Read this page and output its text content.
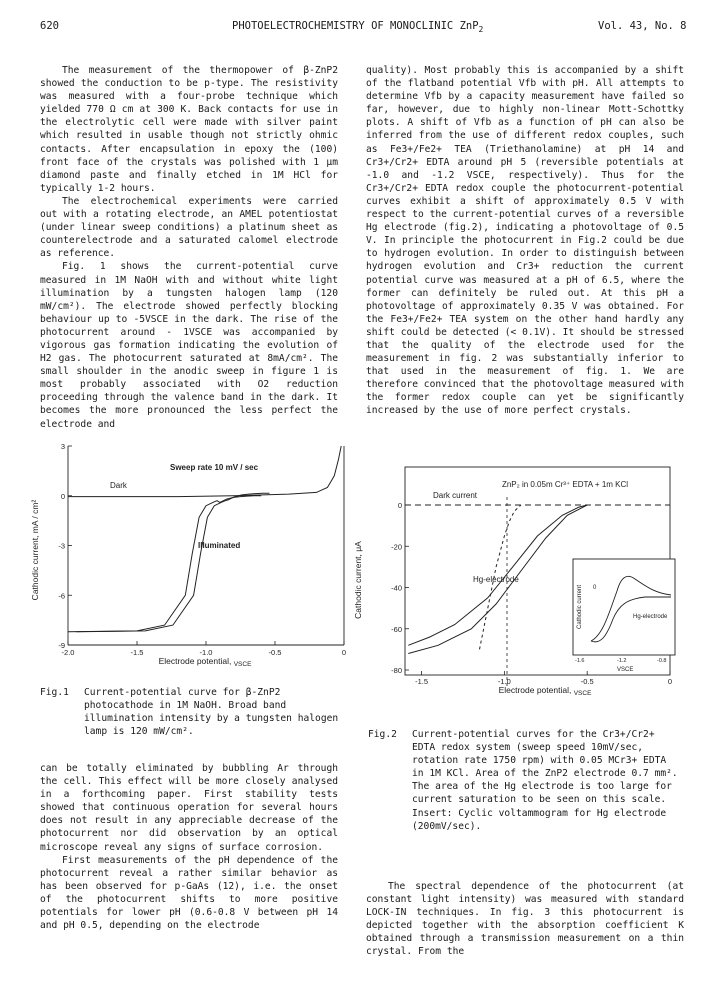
620	PHOTOELECTROCHEMISTRY OF MONOCLINIC ZnP$_2$	Vol. 43, No. 8

The measurement of the thermopower of β-ZnP2 showed the conduction to be p-type. The resistivity was measured with a four-probe technique which yielded 770 Ω cm at 300 K. Back contacts for use in the electrolytic cell were made with silver paint which resulted in usable though not strictly ohmic contacts. After encapsulation in epoxy the (100) front face of the crystals was polished with 1 μm diamond paste and finally etched in 1M HCl for typically 1-2 hours.

The electrochemical experiments were carried out with a rotating electrode, an AMEL potentiostat (under linear sweep conditions) a platinum sheet as counterelectrode and a saturated calomel electrode as reference.

Fig. 1 shows the current-potential curve measured in 1M NaOH with and without white light illumination by a tungsten halogen lamp (120 mW/cm²). The electrode showed perfectly blocking behaviour up to -5VSCE in the dark. The rise of the photocurrent around - 1VSCE was accompanied by vigorous gas formation indicating the evolution of H2 gas. The photocurrent saturated at 8mA/cm². The small shoulder in the anodic sweep in figure 1 is most probably associated with O2 reduction proceeding through the valence band in the dark. It becomes the more pronounced the less perfect the electrode and

quality). Most probably this is accompanied by a shift of the flatband potential Vfb with pH. All attempts to determine Vfb by a capacity measurement have failed so far, however, due to highly non-linear Mott-Schottky plots. A shift of Vfb as a function of pH can also be inferred from the use of different redox couples, such as Fe3+/Fe2+ TEA (Triethanolamine) at pH 14 and Cr3+/Cr2+ EDTA around pH 5 (reversible potentials at -1.0 and -1.2 VSCE, respectively). Thus for the Cr3+/Cr2+ EDTA redox couple the photocurrent-potential curves exhibit a shift of approximately 0.5 V with respect to the current-potential curves of a reversible Hg electrode (fig.2), indicating a photovoltage of 0.5 V. In principle the photocurrent in Fig.2 could be due to hydrogen evolution. In order to distinguish between hydrogen evolution and Cr3+ reduction the current potential curve was measured at a pH of 6.5, where the former can definitely be ruled out. At this pH a photovoltage of approximately 0.35 V was obtained. For the Fe3+/Fe2+ TEA system on the other hand hardly any shift could be detected (< 0.1V). It should be stressed that the quality of the electrode used for the measurement in fig. 2 was substantially inferior to that used in the measurement of fig. 1. We are therefore convinced that the photovoltage measured with the former redox couple can yet be significantly increased by the use of more perfect crystals.

Cathodic current, mA / cm²
3
0
-3
-6
-9
-2.0	-1.5	-1.0	-0.5	0
Sweep rate 10 mV / sec
Dark
Illuminated
Electrode potential, $_{VSCE}$
Fig.1 Current-potential curve for β-ZnP2 photocathode in 1M NaOH. Broad band illumination intensity by a tungsten halogen lamp is 120 mW/cm².

can be totally eliminated by bubbling Ar through the cell. This effect will be more closely analysed in a forthcoming paper. First stability tests showed that continuous operation for several hours does not result in any appreciable decrease of the photocurrent nor did observation by an optical microscope reveal any signs of surface corrosion.

First measurements of the pH dependence of the photocurrent reveal a rather similar behavior as has been observed for p-GaAs (12), i.e. the onset of the photocurrent shifts to more positive potentials for lower pH (0.6-0.8 V between pH 14 and pH 0.5, depending on the electrode

ZnP₂ in 0.05m Cr³⁺ EDTA + 1m KCl
Cathodic current, μA
0
-20
-40
-60
-80
-1.5	-1.0	-0.5	0
Dark current
Hg-electrode
Cathodic current 0
Hg-electrode
-1.6	-1.2	-0.8
VSCE
Electrode potential, $_{VSCE}$
Fig.2 Current-potential curves for the Cr3+/Cr2+ EDTA redox system (sweep speed 10mV/sec, rotation rate 1750 rpm) with 0.05 MCr3+ EDTA in 1M KCl. Area of the ZnP2 electrode 0.7 mm². The area of the Hg electrode is too large for current saturation to be seen on this scale. Insert: Cyclic voltammogram for Hg electrode (200mV/sec).

The spectral dependence of the photocurrent (at constant light intensity) was measured with standard LOCK-IN techniques. In fig. 3 this photocurrent is depicted together with the absorption coefficient K obtained through a transmission measurement on a thin crystal. From the
